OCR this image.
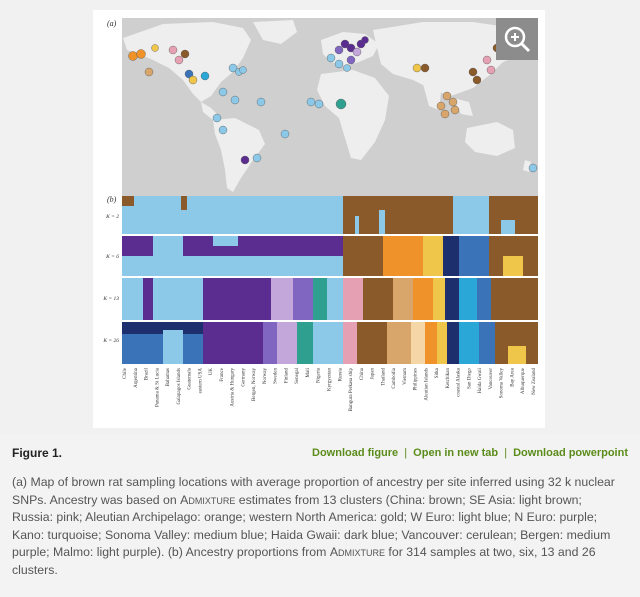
(a)
(b)
K = 2
K = 6
K = 13
K = 26
Chile Argentina Brazil Panama & St Lucia Bahamas Galapagos Islands Guatemala eastern USA UK France Austria & Hungary Germany Bergen, Norway Norway Sweden Finland Senegal Mali Nigeria Kyrgyzstan Russia Bangura Perkasa ship China Japan Thailand Cambodia Vietnam Philippines Aleutian Islands Sitka Ketchikan coastal Alaska San Diego Haida Gwaii Vancouver Sonoma Valley Bay Area Albuquerque New Zealand
Figure 1.	Download figure | Open in new tab | Download powerpoint
(a) Map of brown rat sampling locations with average proportion of ancestry per site inferred using 32 k nuclear SNPs. Ancestry was based on Admixture estimates from 13 clusters (China: brown; SE Asia: light brown; Russia: pink; Aleutian Archipelago: orange; western North America: gold; W Euro: light blue; N Euro: purple; Kano: turquoise; Sonoma Valley: medium blue; Haida Gwaii: dark blue; Vancouver: cerulean; Bergen: medium purple; Malmo: light purple). (b) Ancestry proportions from Admixture for 314 samples at two, six, 13 and 26 clusters.
